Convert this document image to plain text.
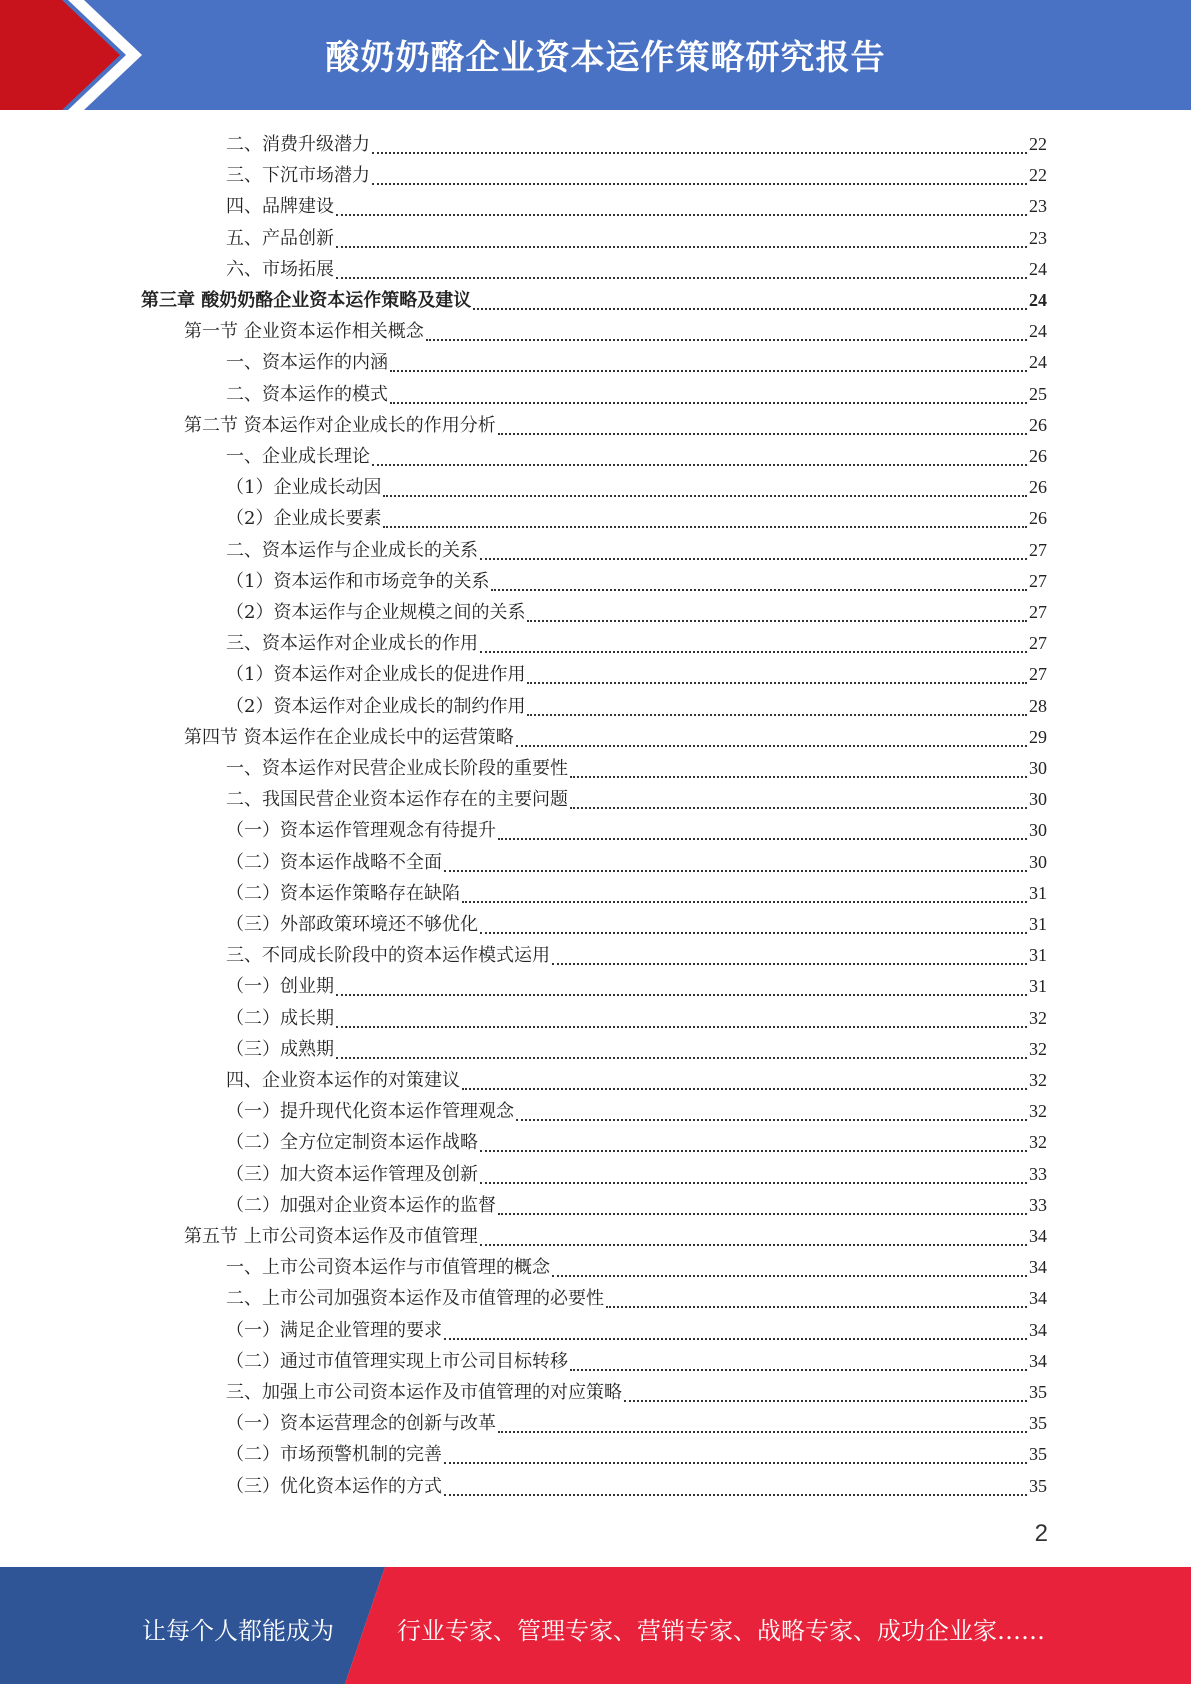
酸奶奶酪企业资本运作策略研究报告
二、消费升级潜力	22
三、下沉市场潜力	22
四、品牌建设	23
五、产品创新	23
六、市场拓展	24
第三章 酸奶奶酪企业资本运作策略及建议	24
第一节 企业资本运作相关概念	24
一、资本运作的内涵	24
二、资本运作的模式	25
第二节 资本运作对企业成长的作用分析	26
一、企业成长理论	26
（1）企业成长动因	26
（2）企业成长要素	26
二、资本运作与企业成长的关系	27
（1）资本运作和市场竞争的关系	27
（2）资本运作与企业规模之间的关系	27
三、资本运作对企业成长的作用	27
（1）资本运作对企业成长的促进作用	27
（2）资本运作对企业成长的制约作用	28
第四节 资本运作在企业成长中的运营策略	29
一、资本运作对民营企业成长阶段的重要性	30
二、我国民营企业资本运作存在的主要问题	30
（一）资本运作管理观念有待提升	30
（二）资本运作战略不全面	30
（二）资本运作策略存在缺陷	31
（三）外部政策环境还不够优化	31
三、不同成长阶段中的资本运作模式运用	31
（一）创业期	31
（二）成长期	32
（三）成熟期	32
四、企业资本运作的对策建议	32
（一）提升现代化资本运作管理观念	32
（二）全方位定制资本运作战略	32
（三）加大资本运作管理及创新	33
（二）加强对企业资本运作的监督	33
第五节 上市公司资本运作及市值管理	34
一、上市公司资本运作与市值管理的概念	34
二、上市公司加强资本运作及市值管理的必要性	34
（一）满足企业管理的要求	34
（二）通过市值管理实现上市公司目标转移	34
三、加强上市公司资本运作及市值管理的对应策略	35
（一）资本运营理念的创新与改革	35
（二）市场预警机制的完善	35
（三）优化资本运作的方式	35
2
让每个人都能成为	行业专家、管理专家、营销专家、战略专家、成功企业家……
